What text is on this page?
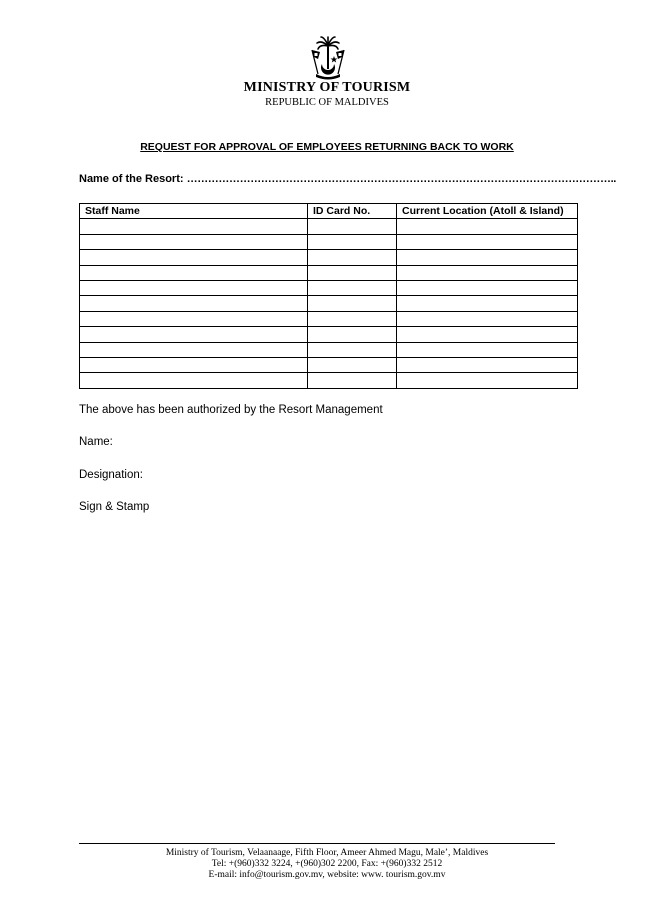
MINISTRY OF TOURISM
REPUBLIC OF MALDIVES
REQUEST FOR APPROVAL OF EMPLOYEES RETURNING BACK TO WORK
Name of the Resort: …………………………………………………………………………………………………………..
Staff Name	ID Card No.	Current Location (Atoll & Island)

The above has been authorized by the Resort Management
Name:
Designation:
Sign & Stamp
Ministry of Tourism, Velaanaage, Fifth Floor, Ameer Ahmed Magu, Male’, Maldives
Tel: +(960)332 3224, +(960)302 2200, Fax: +(960)332 2512
E-mail: info@tourism.gov.mv, website: www. tourism.gov.mv
